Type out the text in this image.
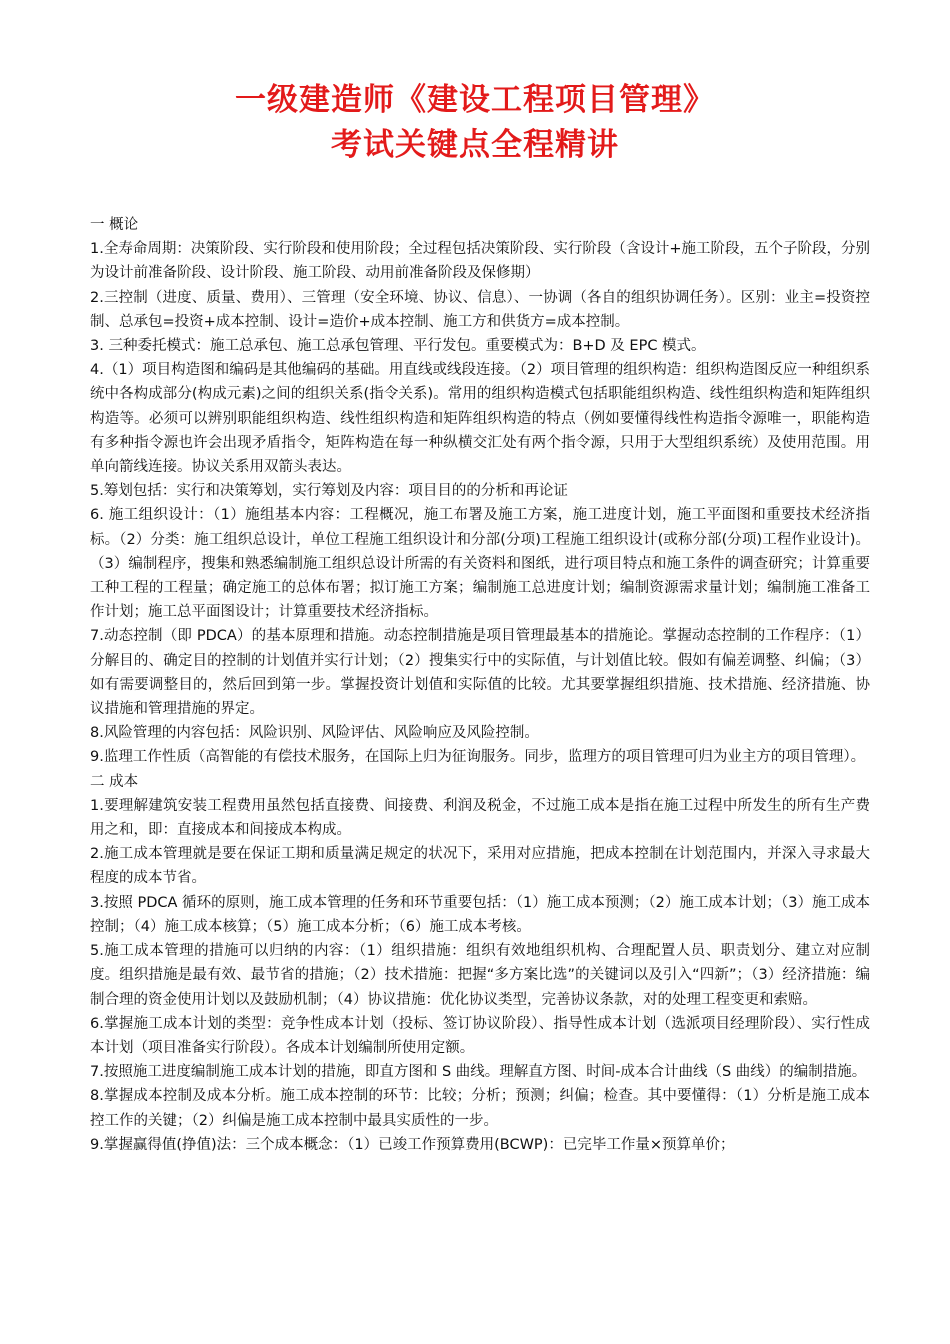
一级建造师《建设工程项目管理》
考试关键点全程精讲

一 概论

1.全寿命周期：决策阶段、实行阶段和使用阶段；全过程包括决策阶段、实行阶段（含设计+施工阶段，五个子阶段，分别为设计前准备阶段、设计阶段、施工阶段、动用前准备阶段及保修期）

2.三控制（进度、质量、费用）、三管理（安全环境、协议、信息）、一协调（各自的组织协调任务）。区别：业主=投资控制、总承包=投资+成本控制、设计=造价+成本控制、施工方和供货方=成本控制。

3. 三种委托模式：施工总承包、施工总承包管理、平行发包。重要模式为：B+D 及 EPC 模式。

4.（1）项目构造图和编码是其他编码的基础。用直线或线段连接。（2）项目管理的组织构造：组织构造图反应一种组织系统中各构成部分(构成元素)之间的组织关系(指令关系)。常用的组织构造模式包括职能组织构造、线性组织构造和矩阵组织构造等。必须可以辨别职能组织构造、线性组织构造和矩阵组织构造的特点（例如要懂得线性构造指令源唯一，职能构造有多种指令源也许会出现矛盾指令，矩阵构造在每一种纵横交汇处有两个指令源，只用于大型组织系统）及使用范围。用单向箭线连接。协议关系用双箭头表达。

5.筹划包括：实行和决策筹划，实行筹划及内容：项目目的的分析和再论证

6. 施工组织设计：（1）施组基本内容：工程概况，施工布署及施工方案，施工进度计划，施工平面图和重要技术经济指标。（2）分类：施工组织总设计，单位工程施工组织设计和分部(分项)工程施工组织设计(或称分部(分项)工程作业设计)。（3）编制程序，搜集和熟悉编制施工组织总设计所需的有关资料和图纸，进行项目特点和施工条件的调查研究；计算重要工种工程的工程量；确定施工的总体布署；拟订施工方案；编制施工总进度计划；编制资源需求量计划；编制施工准备工作计划；施工总平面图设计；计算重要技术经济指标。

7.动态控制（即 PDCA）的基本原理和措施。动态控制措施是项目管理最基本的措施论。掌握动态控制的工作程序：（1）分解目的、确定目的控制的计划值并实行计划；（2）搜集实行中的实际值，与计划值比较。假如有偏差调整、纠偏；（3）如有需要调整目的，然后回到第一步。掌握投资计划值和实际值的比较。尤其要掌握组织措施、技术措施、经济措施、协议措施和管理措施的界定。

8.风险管理的内容包括：风险识别、风险评估、风险响应及风险控制。

9.监理工作性质（高智能的有偿技术服务，在国际上归为征询服务。同步，监理方的项目管理可归为业主方的项目管理）。

二 成本

1.要理解建筑安装工程费用虽然包括直接费、间接费、利润及税金，不过施工成本是指在施工过程中所发生的所有生产费用之和，即：直接成本和间接成本构成。

2.施工成本管理就是要在保证工期和质量满足规定的状况下，采用对应措施，把成本控制在计划范围内，并深入寻求最大程度的成本节省。

3.按照 PDCA 循环的原则，施工成本管理的任务和环节重要包括：（1）施工成本预测；（2）施工成本计划；（3）施工成本控制；（4）施工成本核算；（5）施工成本分析；（6）施工成本考核。

5.施工成本管理的措施可以归纳的内容：（1）组织措施：组织有效地组织机构、合理配置人员、职责划分、建立对应制度。组织措施是最有效、最节省的措施；（2）技术措施：把握“多方案比选”的关键词以及引入“四新”；（3）经济措施：编制合理的资金使用计划以及鼓励机制；（4）协议措施：优化协议类型，完善协议条款，对的处理工程变更和索赔。

6.掌握施工成本计划的类型：竞争性成本计划（投标、签订协议阶段）、指导性成本计划（选派项目经理阶段）、实行性成本计划（项目准备实行阶段）。各成本计划编制所使用定额。

7.按照施工进度编制施工成本计划的措施，即直方图和 S 曲线。理解直方图、时间-成本合计曲线（S 曲线）的编制措施。

8.掌握成本控制及成本分析。施工成本控制的环节：比较；分析；预测；纠偏；检查。其中要懂得：（1）分析是施工成本控工作的关键；（2）纠偏是施工成本控制中最具实质性的一步。

9.掌握赢得值(挣值)法：三个成本概念：（1）已竣工作预算费用(BCWP)：已完毕工作量×预算单价；
